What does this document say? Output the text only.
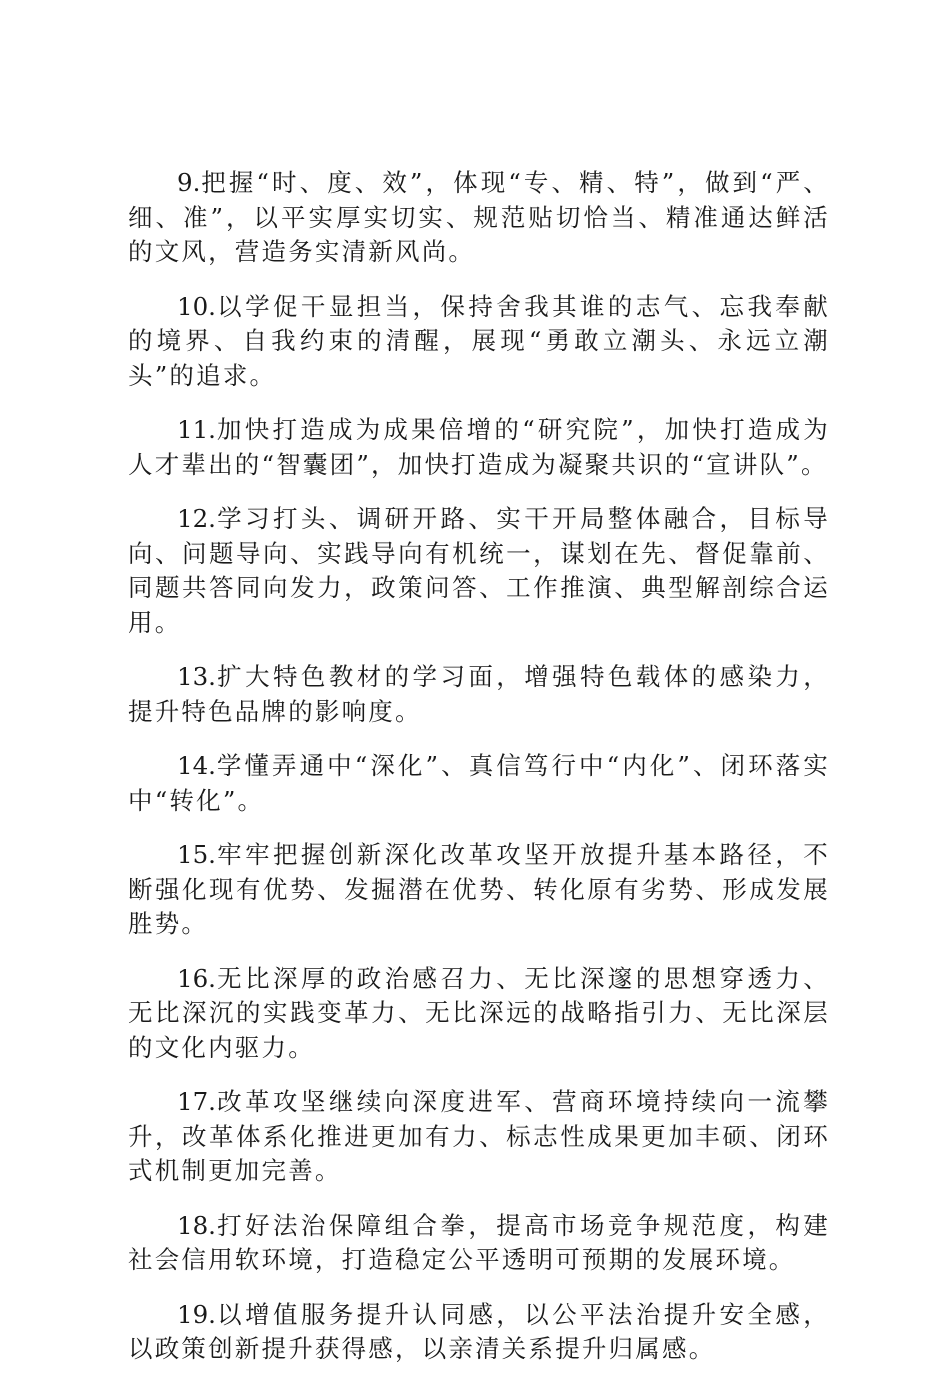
9.把握“时、度、效”，体现“专、精、特”，做到“严、细、准”，以平实厚实切实、规范贴切恰当、精准通达鲜活的文风，营造务实清新风尚。

10.以学促干显担当，保持舍我其谁的志气、忘我奉献的境界、自我约束的清醒，展现“勇敢立潮头、永远立潮头”的追求。

11.加快打造成为成果倍增的“研究院”，加快打造成为人才辈出的“智囊团”，加快打造成为凝聚共识的“宣讲队”。

12.学习打头、调研开路、实干开局整体融合，目标导向、问题导向、实践导向有机统一，谋划在先、督促靠前、同题共答同向发力，政策问答、工作推演、典型解剖综合运用。

13.扩大特色教材的学习面，增强特色载体的感染力，提升特色品牌的影响度。

14.学懂弄通中“深化”、真信笃行中“内化”、闭环落实中“转化”。

15.牢牢把握创新深化改革攻坚开放提升基本路径，不断强化现有优势、发掘潜在优势、转化原有劣势、形成发展胜势。

16.无比深厚的政治感召力、无比深邃的思想穿透力、无比深沉的实践变革力、无比深远的战略指引力、无比深层的文化内驱力。

17.改革攻坚继续向深度进军、营商环境持续向一流攀升，改革体系化推进更加有力、标志性成果更加丰硕、闭环式机制更加完善。

18.打好法治保障组合拳，提高市场竞争规范度，构建社会信用软环境，打造稳定公平透明可预期的发展环境。

19.以增值服务提升认同感，以公平法治提升安全感，以政策创新提升获得感，以亲清关系提升归属感。
